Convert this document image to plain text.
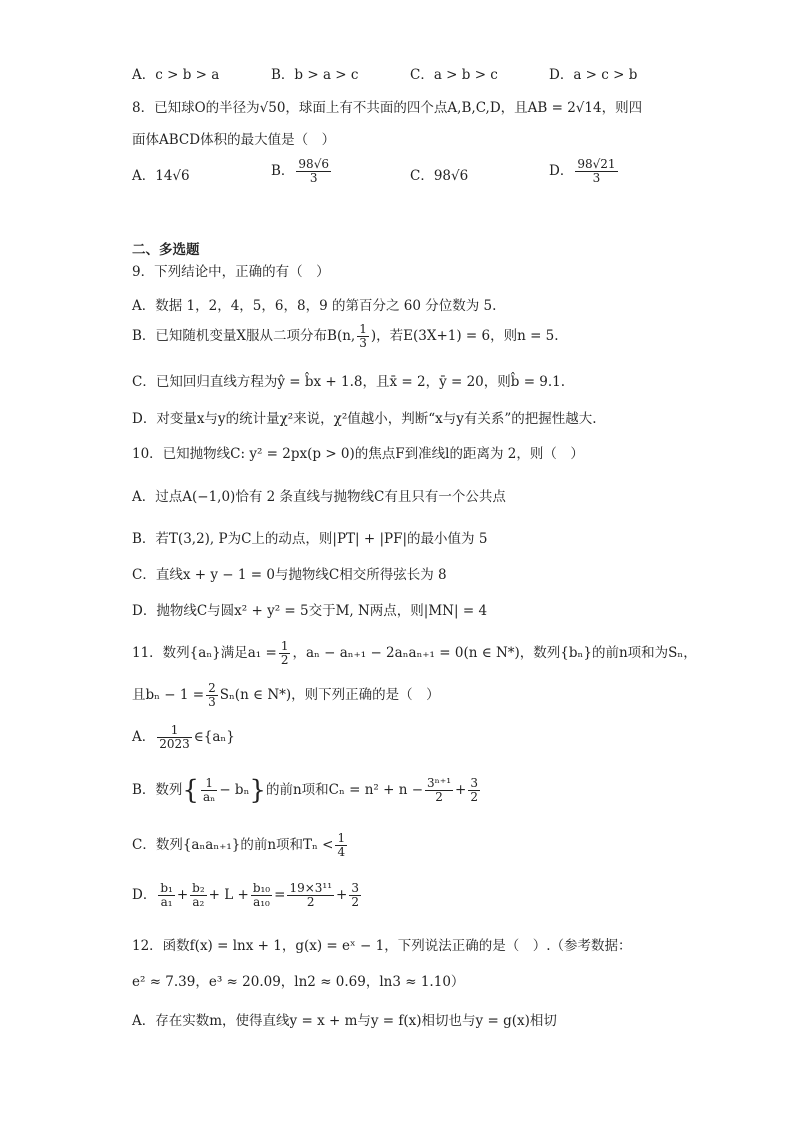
A．c > b > a	B．b > a > c	C．a > b > c	D．a > c > b
8．已知球O的半径为√50，球面上有不共面的四个点A,B,C,D，且AB = 2√14，则四
面体ABCD体积的最大值是（　）
A．14√6	B． $\frac{98√6}{3}$	C．98√6	D． $\frac{98√21}{3}$
二、多选题
9．下列结论中，正确的有（　）
A．数据 1，2，4，5，6，8，9 的第百分之 60 分位数为 5.
B．已知随机变量X服从二项分布B(n, $\frac{1}{3}$ )，若E(3X+1) = 6，则n = 5.
C．已知回归直线方程为ŷ = b̂x + 1.8，且x̄ = 2，ȳ = 20，则b̂ = 9.1.
D．对变量x与y的统计量χ²来说，χ²值越小，判断“x与y有关系”的把握性越大.
10．已知抛物线C: y² = 2px(p > 0)的焦点F到准线l的距离为 2，则（　）
A．过点A(−1,0)恰有 2 条直线与抛物线C有且只有一个公共点
B．若T(3,2), P为C上的动点，则|PT| + |PF|的最小值为 5
C．直线x + y − 1 = 0与抛物线C相交所得弦长为 8
D．抛物线C与圆x² + y² = 5交于M, N两点，则|MN| = 4
11．数列{aₙ}满足$a_1 = \frac{1}{2}$ ，aₙ − aₙ₊₁ − 2aₙaₙ₊₁ = 0(n ∈ N*)，数列{bₙ}的前n项和为Sₙ，
且$b_n - 1 = \frac{2}{3} S_n(n$ ∈ N*)，则下列正确的是（　）
A． $\frac{1}{2023}$ ∈{aₙ}
B．数列{ $\frac{1}{\text{aₙ}} - b_n$}的前n项和$C_n = n^2 + n - \frac{\text{3ⁿ⁺¹}}{2} + \frac{3}{2}$
C．数列{aₙaₙ₊₁}的前n项和$T_n < \frac{1}{4}$
D． $\frac{\text{b₁}}{\text{a₁}} + \frac{\text{b₂}}{\text{a₂}} + L + \frac{\text{b₁₀}}{\text{a₁₀}} = \frac{\text{19×3¹¹}}{2} + \frac{3}{2}$
12．函数f(x) = lnx + 1，g(x) = eˣ − 1，下列说法正确的是（　）.（参考数据：
e² ≈ 7.39，e³ ≈ 20.09，ln2 ≈ 0.69，ln3 ≈ 1.10）
A．存在实数m，使得直线y = x + m与y = f(x)相切也与y = g(x)相切
